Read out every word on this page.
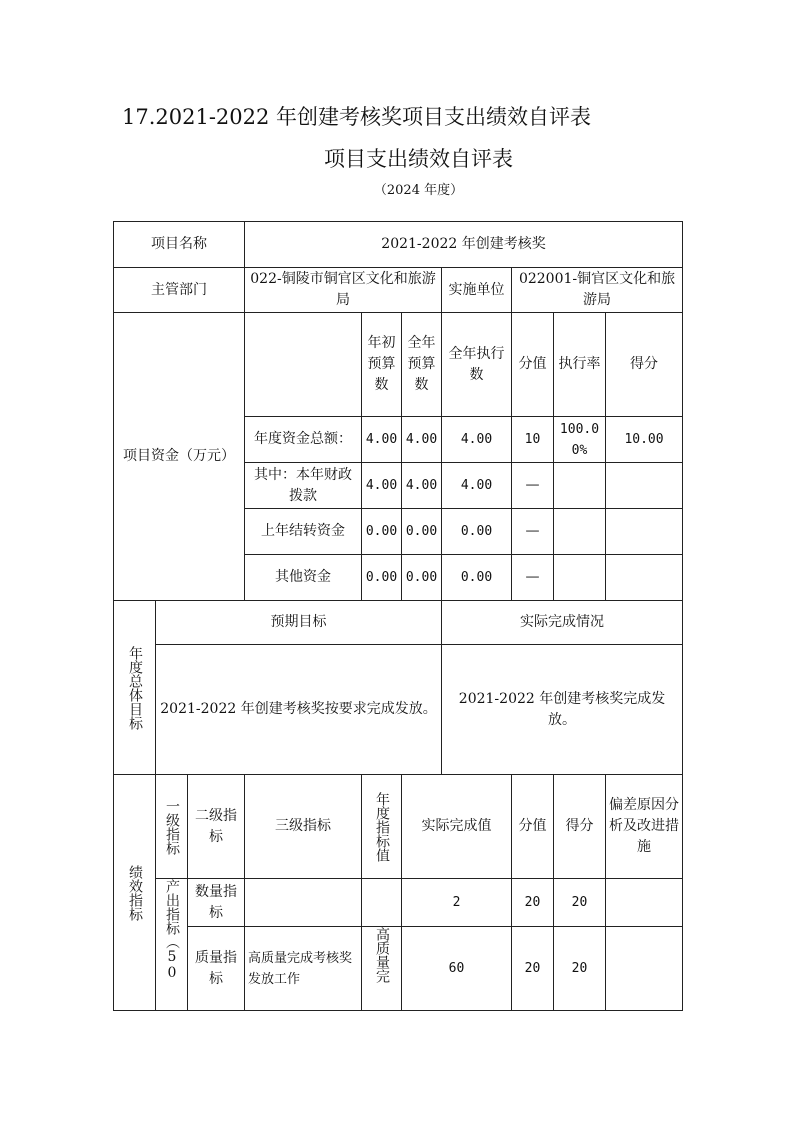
17.2021-2022 年创建考核奖项目支出绩效自评表
项目支出绩效自评表
（2024 年度）
项目名称			2021-2022 年创建考核奖						
主管部门			022-铜陵市铜官区文化和旅游局			实施单位	022001-铜官区文化和旅游局		
项目资金（万元）				年初预算数	全年预算数	全年执行数	分值	执行率	得分
			年度资金总额：	4.00	4.00	4.00	10	100.00%	10.00
			其中：本年财政拨款	4.00	4.00	4.00	—		
			上年结转资金	0.00	0.00	0.00	—		
			其他资金	0.00	0.00	0.00	—		

年度总体目标	预期目标					实际完成情况			
	2021-2022 年创建考核奖按要求完成发放。					2021-2022 年创建考核奖完成发放。			

绩效指标	一级指标	二级指标	三级指标	年度指标值	实际完成值		分值	得分	偏差原因分析及改进措施

	产出指标（50	数量指标			2		20	20	
		质量指标	高质量完成考核奖发放工作	高质量完	60		20	20	
